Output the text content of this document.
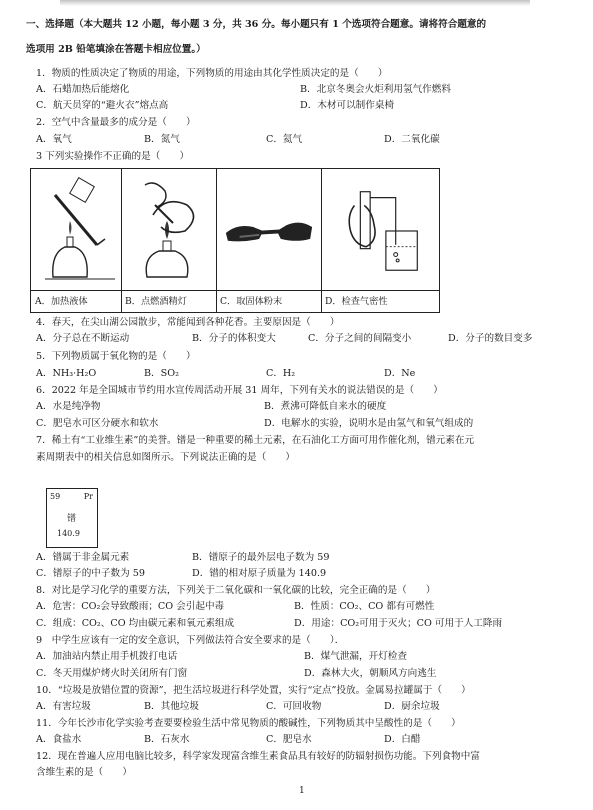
一、选择题（本大题共 12 小题，每小题 3 分，共 36 分。每小题只有 1 个选项符合题意。请将符合题意的
选项用 2B 铅笔填涂在答题卡相应位置。）
1．物质的性质决定了物质的用途，下列物质的用途由其化学性质决定的是（　　）
A．石蜡加热后能熔化	B．北京冬奥会火炬利用氢气作燃料
C．航天员穿的“避火衣”熔点高	D．木材可以制作桌椅
2．空气中含量最多的成分是（　　）
A．氧气	B．氮气	C．氦气	D．二氧化碳
3 下列实验操作不正确的是（　　）
A．加热液体	B．点燃酒精灯	C．取固体粉末	D．检查气密性
4．春天，在尖山湖公园散步，常能闻到各种花香。主要原因是（　　）
A．分子总在不断运动	B．分子的体积变大	C．分子之间的间隔变小	D．分子的数目变多
5．下列物质属于氧化物的是（　　）
A．NH₃·H₂O	B．SO₂	C．H₂	D．Ne
6．2022 年是全国城市节约用水宣传周活动开展 31 周年，下列有关水的说法错误的是（　　）
A．水是纯净物	B．煮沸可降低自来水的硬度
C．肥皂水可区分硬水和软水	D．电解水的实验，说明水是由氢气和氧气组成的
7．稀土有“工业维生素”的美誉。镨是一种重要的稀土元素，在石油化工方面可用作催化剂，镨元素在元
素周期表中的相关信息如图所示。下列说法正确的是（　　）
59	Pr
镨
140.9
A．镨属于非金属元素	B．镨原子的最外层电子数为 59
C．镨原子的中子数为 59	D．镨的相对原子质量为 140.9
8．对比是学习化学的重要方法，下列关于二氧化碳和一氧化碳的比较，完全正确的是（　　）
A．危害：CO₂会导致酸雨；CO 会引起中毒	B．性质：CO₂、CO 都有可燃性
C．组成：CO₂、CO 均由碳元素和氧元素组成	D．用途：CO₂可用于灭火；CO 可用于人工降雨
9　中学生应该有一定的安全意识，下列做法符合安全要求的是（　　）．
A．加油站内禁止用手机拨打电话	B．煤气泄漏，开灯检查
C．冬天用煤炉烤火时关闭所有门窗	D．森林大火，朝顺风方向逃生
10．“垃圾是放错位置的资源”，把生活垃圾进行科学处置，实行“定点”投放。金属易拉罐属于（　　）
A．有害垃圾	B．其他垃圾	C．可回收物	D．厨余垃圾
11．今年长沙市化学实验考查要要检验生活中常见物质的酸碱性，下列物质其中呈酸性的是（　　）
A．食盐水	B．石灰水	C．肥皂水	D．白醋
12．现在普遍人应用电脑比较多，科学家发现富含维生素食品具有较好的防辐射损伤功能。下列食物中富
含维生素的是（　　）
1
